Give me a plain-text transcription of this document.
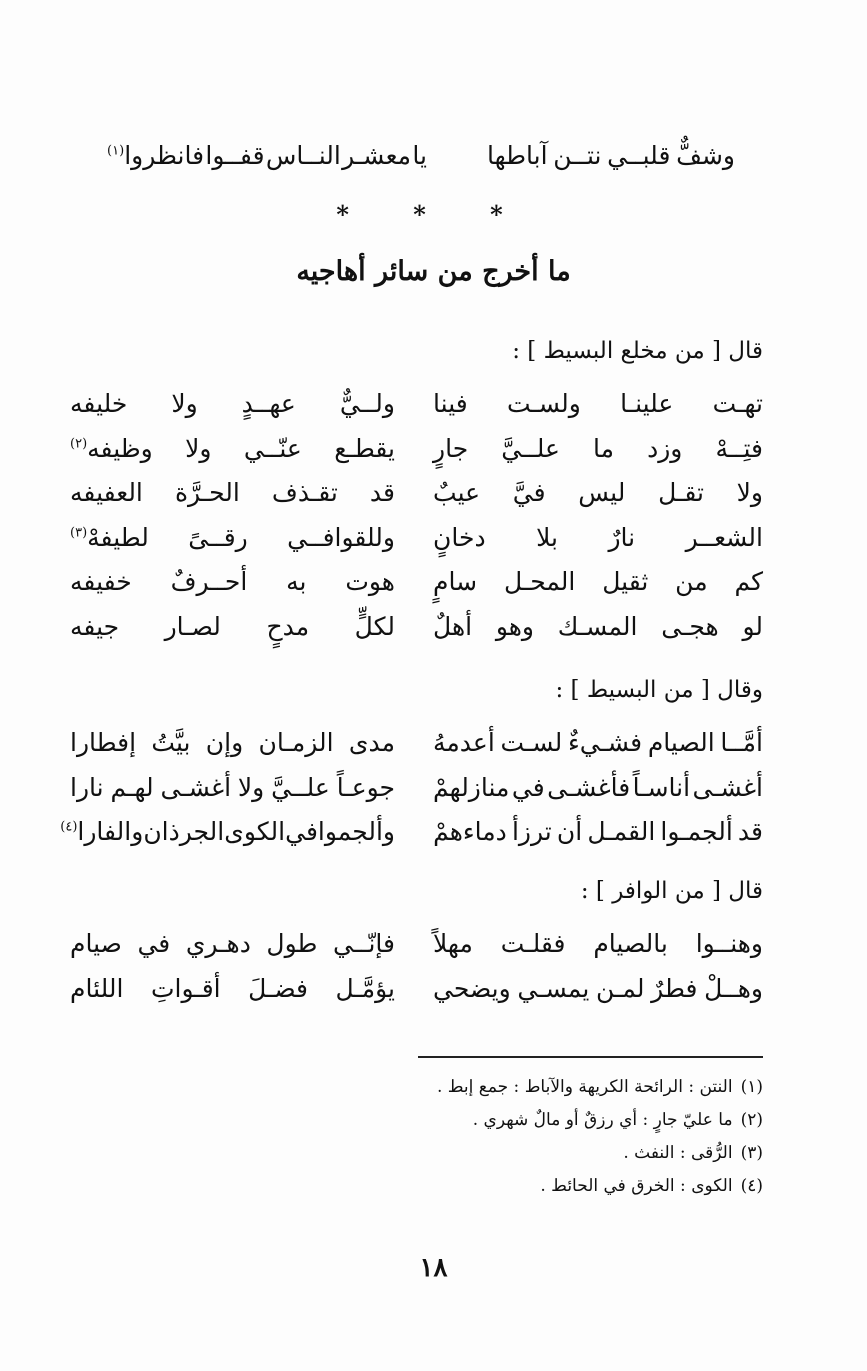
وشفٌّ
قلبــي
نتــن
آباطها
يا
معشـر
النــاس
قفــوا
فانظروا$^{(١)}$
* * *
ما أخرج من سائر أهاجيه
قال [ من مخلع البسيط ] :
تهـت
علينـا
ولسـت
فينا
ولــيٌّ
عهــدٍ
ولا
خليفه
فتِــهْ
وزد
ما
علــيَّ
جارٍ
يقطـع
عنّــي
ولا
وظيفه$^{(٢)}$
ولا
تقـل
ليس
فيَّ
عيبٌ
قد
تقـذف
الحـرَّة
العفيفه
الشعــر
نارٌ
بلا
دخانٍ
وللقوافــي
رقــىً
لطيفهْ$^{(٣)}$
كم
من
ثقيل
المحـل
سامٍ
هوت
به
أحــرفٌ
خفيفه
لو
هجـى
المسـك
وهو
أهلٌ
لكلٍّ
مدحٍ
لصـار
جيفه
وقال [ من البسيط ] :
أمَّــا
الصيام
فشـيءٌ
لسـت
أعدمهُ
مدى
الزمـان
وإن
بيَّتُ
إفطارا
أغشـى
أناسـاً
فأغشـى
في
منازلهمْ
جوعـاً
علــيَّ
ولا
أغشـى
لهـم
نارا
قد
ألجمـوا
القمـل
أن
ترزأ
دماءهمْ
وألجموا
في
الكوى
الجرذان
والفارا$^{(٤)}$
قال [ من الوافر ] :
وهنــوا
بالصيام
فقلـت
مهلاً
فإنّــي
طول
دهـري
في
صيام
وهــلْ
فطرٌ
لمـن
يمسـي
ويضحي
يؤمَّـل
فضـلَ
أقـواتِ
اللئام
(١)النتن : الرائحة الكريهة والآباط : جمع إبط .
(٢)ما عليّ جارٍ : أي رزقٌ أو مالٌ شهري .
(٣)الرُّقى : النفث .
(٤)الكوى : الخرق في الحائط .
١٨
